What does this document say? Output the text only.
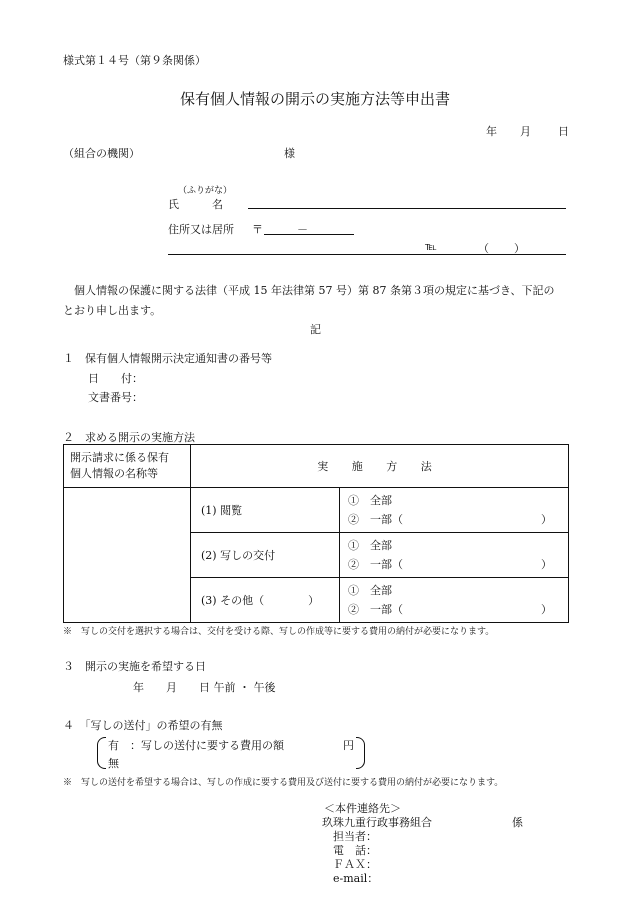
様式第１４号（第９条関係）
保有個人情報の開示の実施方法等申出書
年 月 日
（組合の機関）	様
（ふりがな）
氏　　　名
住所又は居所 〒	－
℡	（ ）
個人情報の保護に関する法律（平成 15 年法律第 57 号）第 87 条第３項の規定に基づき、下記の
とおり申し出ます。
記
１　保有個人情報開示決定通知書の番号等
日　　付：
文書番号：
２　求める開示の実施方法
開示請求に係る保有
個人情報の名称等	実 施 方 法	
	(1) 閲覧	①　全部
②　一部（ ）

	(2) 写しの交付	①　全部
②　一部（ ）

	(3) その他（　　　　）	①　全部
②　一部（ ）
※　写しの交付を選択する場合は、交付を受ける際、写しの作成等に要する費用の納付が必要になります。
３　開示の実施を希望する日
年　　月　　日 午前 ・ 午後
４　「写しの送付」の希望の有無
有　：写しの送付に要する費用の額	円
無
※　写しの送付を希望する場合は、写しの作成に要する費用及び送付に要する費用の納付が必要になります。
＜本件連絡先＞
玖珠九重行政事務組合	係
担当者：
電　話：
ＦＡＸ：
e-mail：
